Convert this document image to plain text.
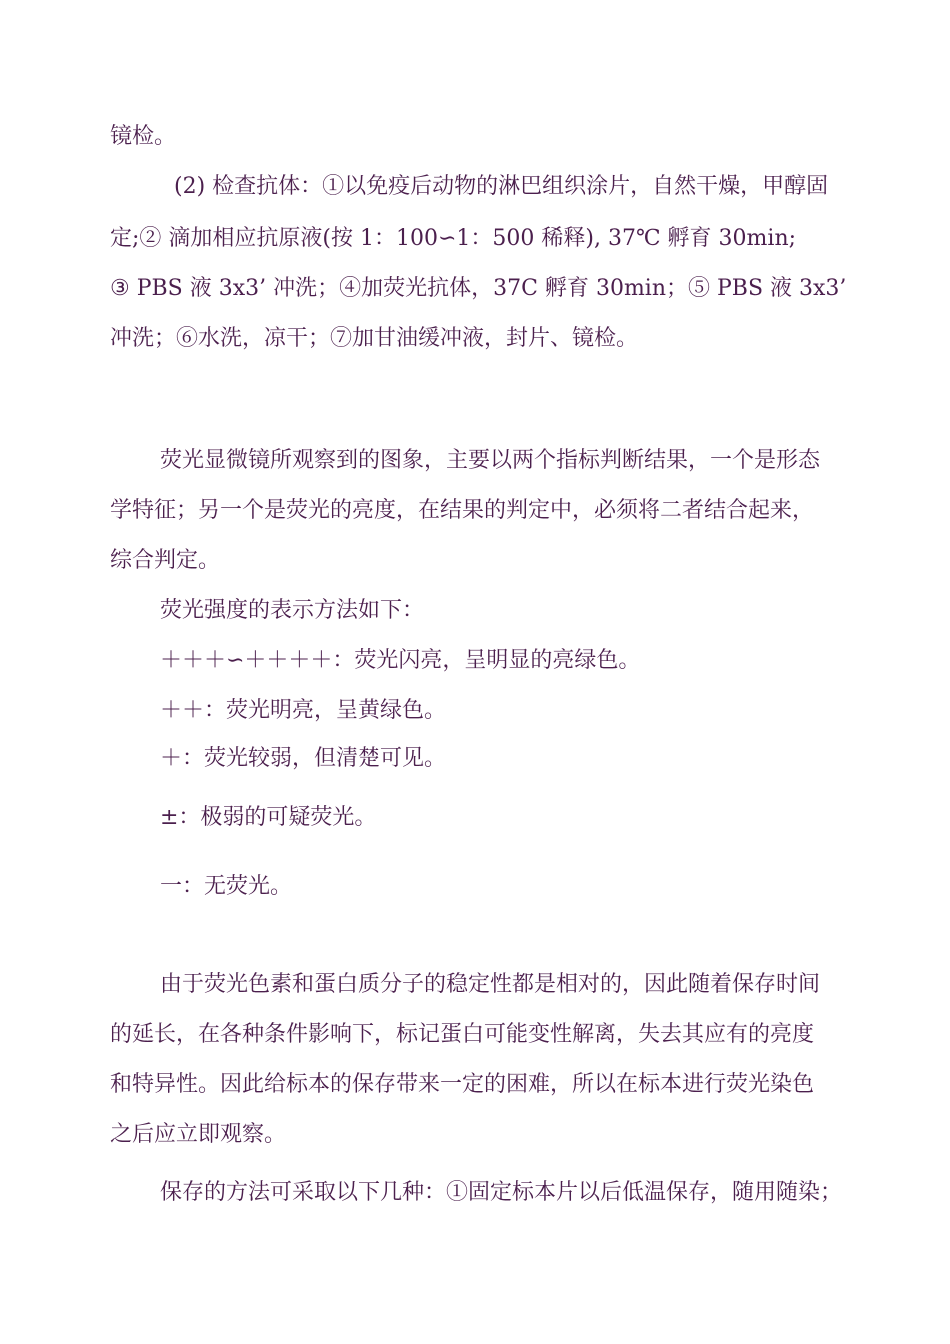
镜检。
(2) 检查抗体：①以免疫后动物的淋巴组织涂片，自然干燥，甲醇固
定;② 滴加相应抗原液(按 1：100∽1：500 稀释), 37℃ 孵育 30min;
③ PBS 液 3x3’ 冲洗；④加荧光抗体，37C 孵育 30min；⑤ PBS 液 3x3’
冲洗；⑥水洗，凉干；⑦加甘油缓冲液，封片、镜检。
荧光显微镜所观察到的图象，主要以两个指标判断结果，一个是形态
学特征；另一个是荧光的亮度，在结果的判定中，必须将二者结合起来，
综合判定。
荧光强度的表示方法如下：
＋＋＋∽＋＋＋＋：荧光闪亮，呈明显的亮绿色。
＋＋：荧光明亮，呈黄绿色。
＋：荧光较弱，但清楚可见。
±：极弱的可疑荧光。
一：无荧光。
由于荧光色素和蛋白质分子的稳定性都是相对的，因此随着保存时间
的延长，在各种条件影响下，标记蛋白可能变性解离，失去其应有的亮度
和特异性。因此给标本的保存带来一定的困难，所以在标本进行荧光染色
之后应立即观察。
保存的方法可采取以下几种：①固定标本片以后低温保存，随用随染；
